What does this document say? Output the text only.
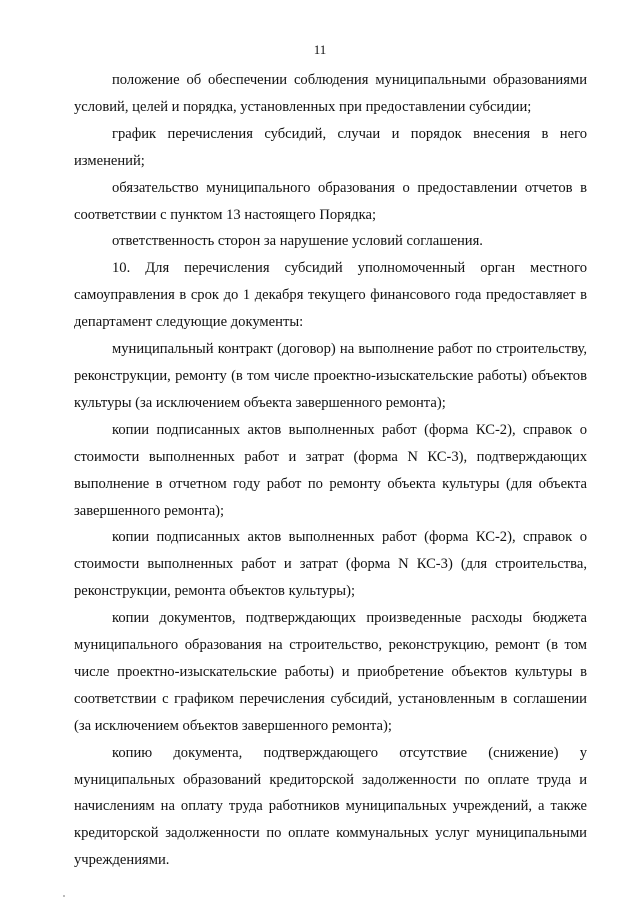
11

положение об обеспечении соблюдения муниципальными образованиями условий, целей и порядка, установленных при предоставлении субсидии;

график перечисления субсидий, случаи и порядок внесения в него изменений;

обязательство муниципального образования о предоставлении отчетов в соответствии с пунктом 13 настоящего Порядка;

ответственность сторон за нарушение условий соглашения.

10. Для перечисления субсидий уполномоченный орган местного самоуправления в срок до 1 декабря текущего финансового года предоставляет в департамент следующие документы:

муниципальный контракт (договор) на выполнение работ по строительству, реконструкции, ремонту (в том числе проектно-изыскательские работы) объектов культуры (за исключением объекта завершенного ремонта);

копии подписанных актов выполненных работ (форма КС-2), справок о стоимости выполненных работ и затрат (форма N КС-3), подтверждающих выполнение в отчетном году работ по ремонту объекта культуры (для объекта завершенного ремонта);

копии подписанных актов выполненных работ (форма КС-2), справок о стоимости выполненных работ и затрат (форма N КС-3) (для строительства, реконструкции, ремонта объектов культуры);

копии документов, подтверждающих произведенные расходы бюджета муниципального образования на строительство, реконструкцию, ремонт (в том числе проектно-изыскательские работы) и приобретение объектов культуры в соответствии с графиком перечисления субсидий, установленным в соглашении (за исключением объектов завершенного ремонта);

копию документа, подтверждающего отсутствие (снижение) у муниципальных образований кредиторской задолженности по оплате труда и начислениям на оплату труда работников муниципальных учреждений, а также кредиторской задолженности по оплате коммунальных услуг муниципальными учреждениями.
